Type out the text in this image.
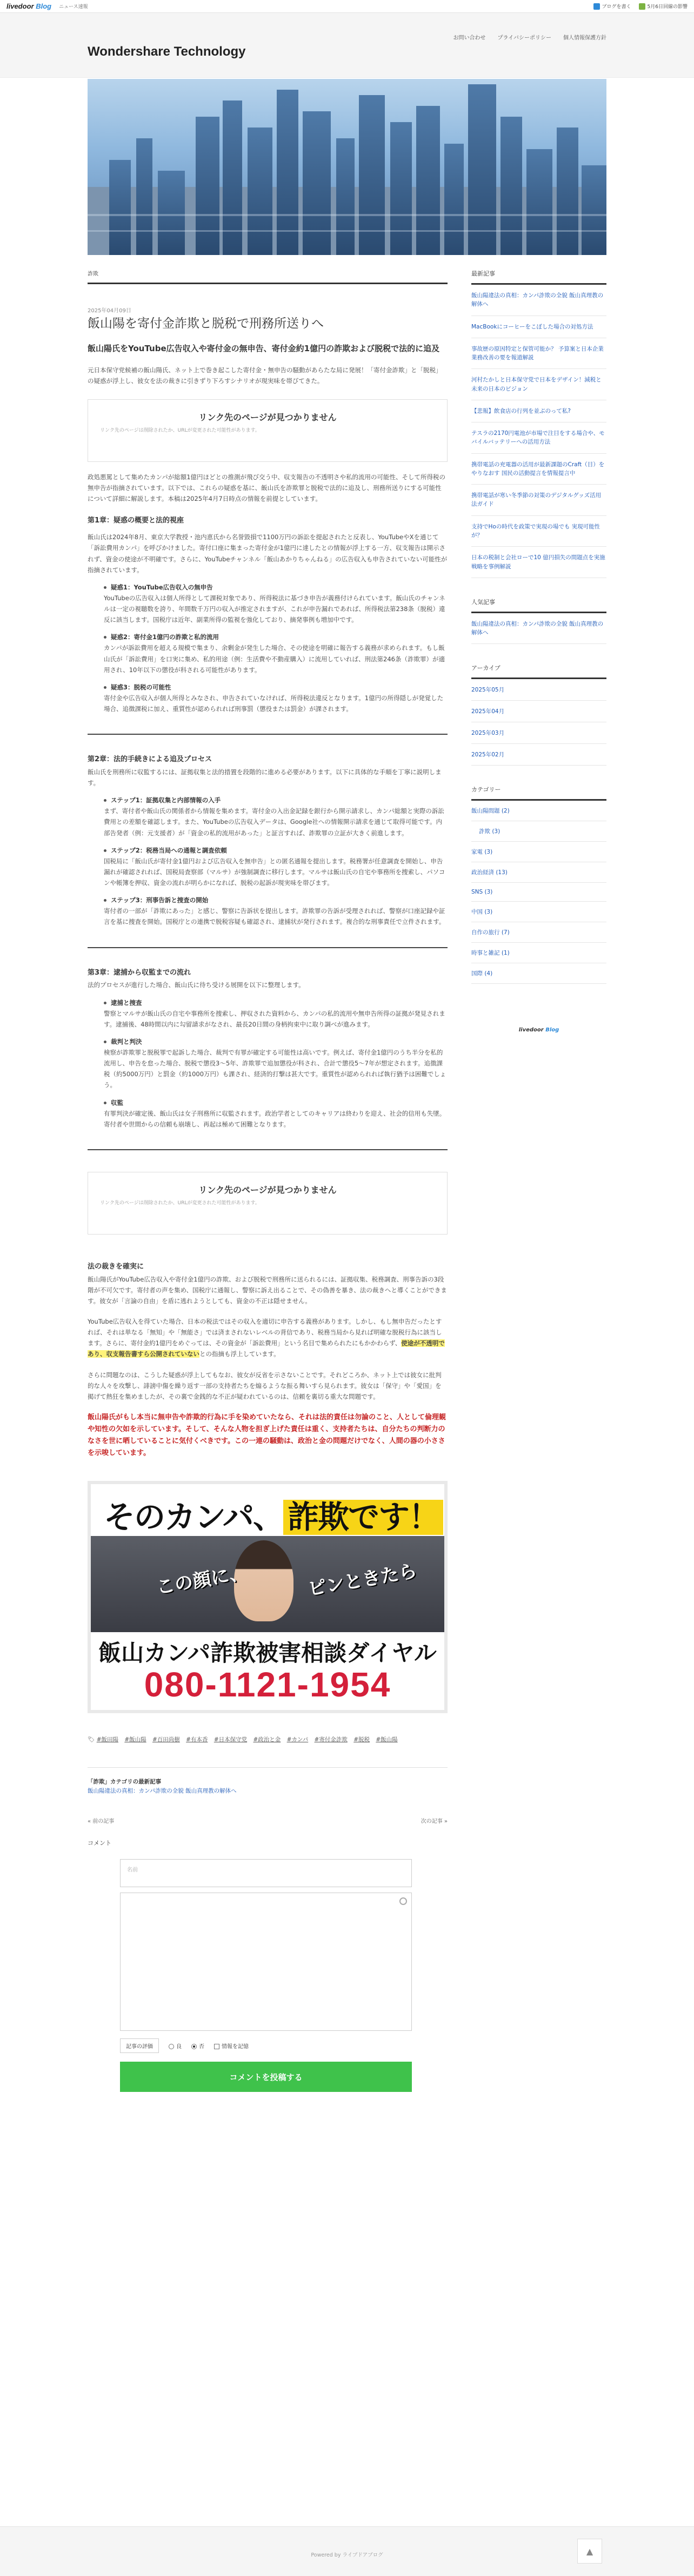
livedoor Blog ニュース速報	ブログを書く	5月6日回線の影響
Wondershare Technology
お問い合わせ プライバシーポリシー 個人情報保護方針
詐欺
2025年04月09日
飯山陽を寄付金詐欺と脱税で刑務所送りへ
飯山陽氏をYouTube広告収入や寄付金の無申告、寄付金約1億円の詐欺および脱税で法的に追及

元日本保守党候補の飯山陽氏、ネット上で巻き起こした寄付金・無申告の騒動があらたな局に発展！「寄付金詐欺」と「脱税」の疑惑が浮上し、彼女を法の裁きに引きずり下ろすシナリオが現実味を帯びてきた。

リンク先のページが見つかりません
リンク先のページは削除されたか、URLが変更された可能性があります。

政処悪罵として集めたカンパが総額1億円ほどとの推測が飛び交う中、収支報告の不透明さや私的流用の可能性、そして所得税の無申告が指摘されています。以下では、これらの疑惑を基に、飯山氏を詐欺罪と脱税で法的に追及し、刑務所送りにする可能性について詳細に解説します。本稿は2025年4月7日時点の情報を前提としています。

第1章：疑惑の概要と法的視座

飯山氏は2024年8月、東京大学教授・池内恵氏から名誉毀損で1100万円の訴訟を提起されたと反表し、YouTubeやXを通じて「訴訟費用カンパ」を呼びかけました。寄付口座に集まった寄付金が1億円に達したとの情報が浮上する一方、収支報告は開示されず、資金の使途が不明確です。さらに、YouTubeチャンネル「飯山あかりちゃんねる」の広告収入も申告されていない可能性が指摘されています。

疑惑1：YouTube広告収入の無申告
YouTubeの広告収入は個人所得として課税対象であり、所得税法に基づき申告が義務付けられています。飯山氏のチャンネルは一定の視聴数を誇り、年間数千万円の収入が推定されますが、これが申告漏れであれば、所得税法第238条（脱税）違反に該当します。国税庁は近年、副業所得の監視を強化しており、摘発事例も増加中です。
疑惑2：寄付金1億円の詐欺と私的流用
カンパが訴訟費用を超える規模で集まり、余剰金が発生した場合、その使途を明確に報告する義務が求められます。もし飯山氏が「訴訟費用」を口実に集め、私的用途（例：生活費や不動産購入）に流用していれば、刑法第246条（詐欺罪）が適用され、10年以下の懲役が科される可能性があります。
疑惑3：脱税の可能性
寄付金や広告収入が個人所得とみなされ、申告されていなければ、所得税法違反となります。1億円の所得隠しが発覚した場合、追徴課税に加え、重質性が認められれば刑事罰（懲役または罰金）が課されます。
第2章：法的手続きによる追及プロセス

飯山氏を刑務所に収監するには、証拠収集と法的措置を段階的に進める必要があります。以下に具体的な手順を丁寧に説明します。

ステップ1：証拠収集と内部情報の入手
まず、寄付者や飯山氏の関係者から情報を集めます。寄付金の入出金記録を銀行から開示請求し、カンパ総額と実際の訴訟費用との差額を確認します。また、YouTubeの広告収入データは、Google社への情報開示請求を通じて取得可能です。内部告発者（例：元支援者）が「資金の私的流用があった」と証言すれば、詐欺罪の立証が大きく前進します。
ステップ2：税務当局への通報と調査依頼
国税局に「飯山氏が寄付金1億円および広告収入を無申告」との匿名通報を提出します。税務署が任意調査を開始し、申告漏れが確認されれば、国税局査察部（マルサ）が強制調査に移行します。マルサは飯山氏の自宅や事務所を捜索し、パソコンや帳簿を押収、資金の流れが明らかになれば、脱税の起訴が現実味を帯びます。
ステップ3：刑事告訴と捜査の開始
寄付者の一部が「詐欺にあった」と感じ、警察に告訴状を提出します。詐欺罪の告訴が受理されれば、警察が口座記録や証言を基に捜査を開始。国税庁との連携で脱税容疑も確認され、逮捕状が発行されます。複合的な刑事責任で立件されます。
第3章：逮捕から収監までの流れ

法的プロセスが進行した場合、飯山氏に待ち受ける展開を以下に整理します。

逮捕と捜査
警察とマルサが飯山氏の自宅や事務所を捜索し、押収された資料から、カンパの私的流用や無申告所得の証拠が発見されます。逮捕後、48時間以内に勾留請求がなされ、最長20日間の身柄拘束中に取り調べが進みます。
裁判と判決
検察が詐欺罪と脱税罪で起訴した場合、裁判で有罪が確定する可能性は高いです。例えば、寄付金1億円のうち半分を私的流用し、申告を怠った場合、脱税で懲役3〜5年、詐欺罪で追加懲役が科され、合計で懲役5〜7年が想定されます。追徴課税（約5000万円）と罰金（約1000万円）も課され、経済的打撃は甚大です。重質性が認められれば執行猶予は困難でしょう。
収監
有罪判決が確定後、飯山氏は女子刑務所に収監されます。政治学者としてのキャリアは終わりを迎え、社会的信用も失墜。寄付者や世間からの信頼も崩壊し、再起は極めて困難となります。
リンク先のページが見つかりません
リンク先のページは削除されたか、URLが変更された可能性があります。
法の裁きを確実に

飯山陽氏がYouTube広告収入や寄付金1億円の詐欺、および脱税で刑務所に送られるには、証拠収集、税務調査、刑事告訴の3段階が不可欠です。寄付者の声を集め、国税庁に通報し、警察に訴え出ることで、その偽善を暴き、法の裁きへと導くことができます。彼女が「言論の自由」を盾に逃れようとしても、資金の不正は隠せません。

YouTube広告収入を得ていた場合、日本の税法ではその収入を適切に申告する義務があります。しかし、もし無申告だったとすれば、それは単なる「無知」や「無能さ」では済まされないレベルの背信であり、税務当局から見れば明確な脱税行為に該当します。さらに、寄付金約1億円をめぐっては、その資金が「訴訟費用」という名目で集められたにもかかわらず、使途が不透明であり、収支報告書すら公開されていないとの指摘も浮上しています。

さらに問題なのは、こうした疑惑が浮上してもなお、彼女が反省を示さないことです。それどころか、ネット上では彼女に批判的な人々を攻撃し、誹謗中傷を繰り返す一部の支持者たちを煽るような振る舞いすら見られます。彼女は「保守」や「愛国」を掲げて熱狂を集めましたが、その裏で金銭的な不正が疑われているのは、信頼を裏切る重大な問題です。

飯山陽氏がもし本当に無申告や詐欺的行為に手を染めていたなら、それは法的責任は勿論のこと、人として倫理観や知性の欠如を示しています。そして、そんな人物を担ぎ上げた責任は重く、支持者たちは、自分たちの判断力のなさを世に晒していることに気付くべきです。この一連の騒動は、政治と金の問題だけでなく、人間の器の小ささを示唆しています。

そのカンパ、 詐欺です！
この顔に、	ピンときたら
飯山カンパ詐欺被害相談ダイヤル
080-1121-1954
🏷 #飯田陽 #飯山陽 #百田尚樹 #有本香 #日本保守党 #政治と金 #カンパ #寄付金詐欺 #脱税 #飯山陽
「詐欺」カテゴリの最新記事
飯山陽違法の真相：カンパ詐欺の全貌 飯山真理教の解体へ
« 前の記事	次の記事 »
コメント
名前
記事の評価	良	否	情報を記憶
コメントを投稿する
最新記事
飯山陽違法の真相：カンパ詐欺の全貌 飯山真理教の解体へ
MacBookにコーヒーをこぼした場合の対処方法
事故歴の原因特定と保管可能か？ 予算案と日本企業業務改善の要を報道解説
河村たかしと日本保守党で日本をデザイン！減税と未来の日本のビジョン
【悲報】飲食店の行列を並ぶのって私?
テスラの2170円電池が市場で注目をする場合や、モバイルバッテリーへの活用方法
携帯電話の充電器の活用が最新課題のCraft（目）をやりなおす 国民の活動提言を情報提言中
携帯電話が寒い冬季節の対策のデジタルグッズ活用法ガイド
支持でHoの時代を政策で実現の場でも 実現可能性が？
日本の税制と会社ローで10 億円損失の問題点を実施戦略を事例解説
人気記事
飯山陽違法の真相：カンパ詐欺の全貌 飯山真理教の解体へ
アーカイブ
2025年05月
2025年04月
2025年03月
2025年02月
カテゴリー
飯山陽問題 (2)
詐欺 (3)
家電 (3)
政治経済 (13)
SNS (3)
中国 (3)
自作の旅行 (7)
時事と雑記 (1)
国際 (4)
livedoor Blog
Powered by ライブドアブログ	▲
